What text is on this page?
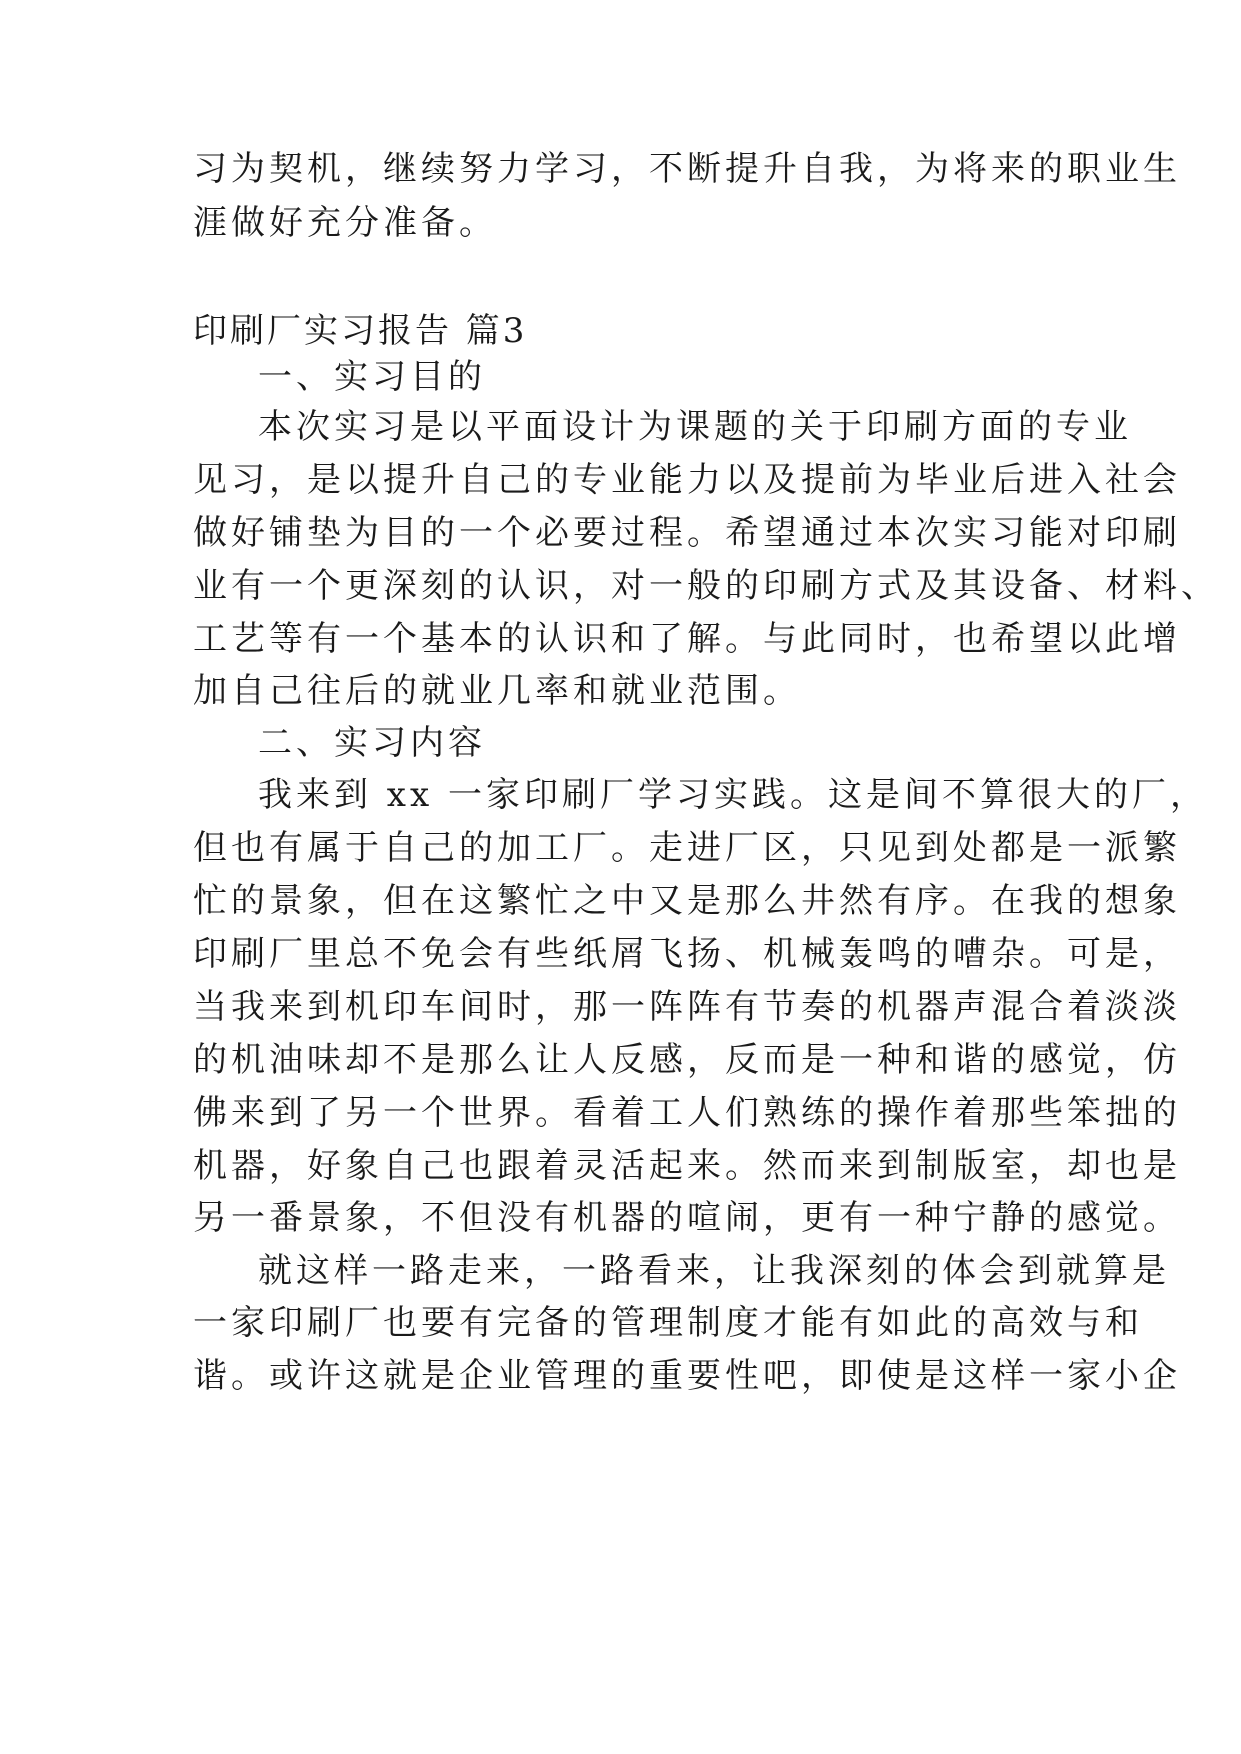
习为契机，继续努力学习，不断提升自我，为将来的职业生
涯做好充分准备。
印刷厂实习报告 篇3
一、实习目的
本次实习是以平面设计为课题的关于印刷方面的专业
见习，是以提升自己的专业能力以及提前为毕业后进入社会
做好铺垫为目的一个必要过程。希望通过本次实习能对印刷
业有一个更深刻的认识，对一般的印刷方式及其设备、材料、
工艺等有一个基本的认识和了解。与此同时，也希望以此增
加自己往后的就业几率和就业范围。
二、实习内容
我来到 xx 一家印刷厂学习实践。这是间不算很大的厂，
但也有属于自己的加工厂。走进厂区，只见到处都是一派繁
忙的景象，但在这繁忙之中又是那么井然有序。在我的想象
印刷厂里总不免会有些纸屑飞扬、机械轰鸣的嘈杂。可是，
当我来到机印车间时，那一阵阵有节奏的机器声混合着淡淡
的机油味却不是那么让人反感，反而是一种和谐的感觉，仿
佛来到了另一个世界。看着工人们熟练的操作着那些笨拙的
机器，好象自己也跟着灵活起来。然而来到制版室，却也是
另一番景象，不但没有机器的喧闹，更有一种宁静的感觉。
就这样一路走来，一路看来，让我深刻的体会到就算是
一家印刷厂也要有完备的管理制度才能有如此的高效与和
谐。或许这就是企业管理的重要性吧，即使是这样一家小企
